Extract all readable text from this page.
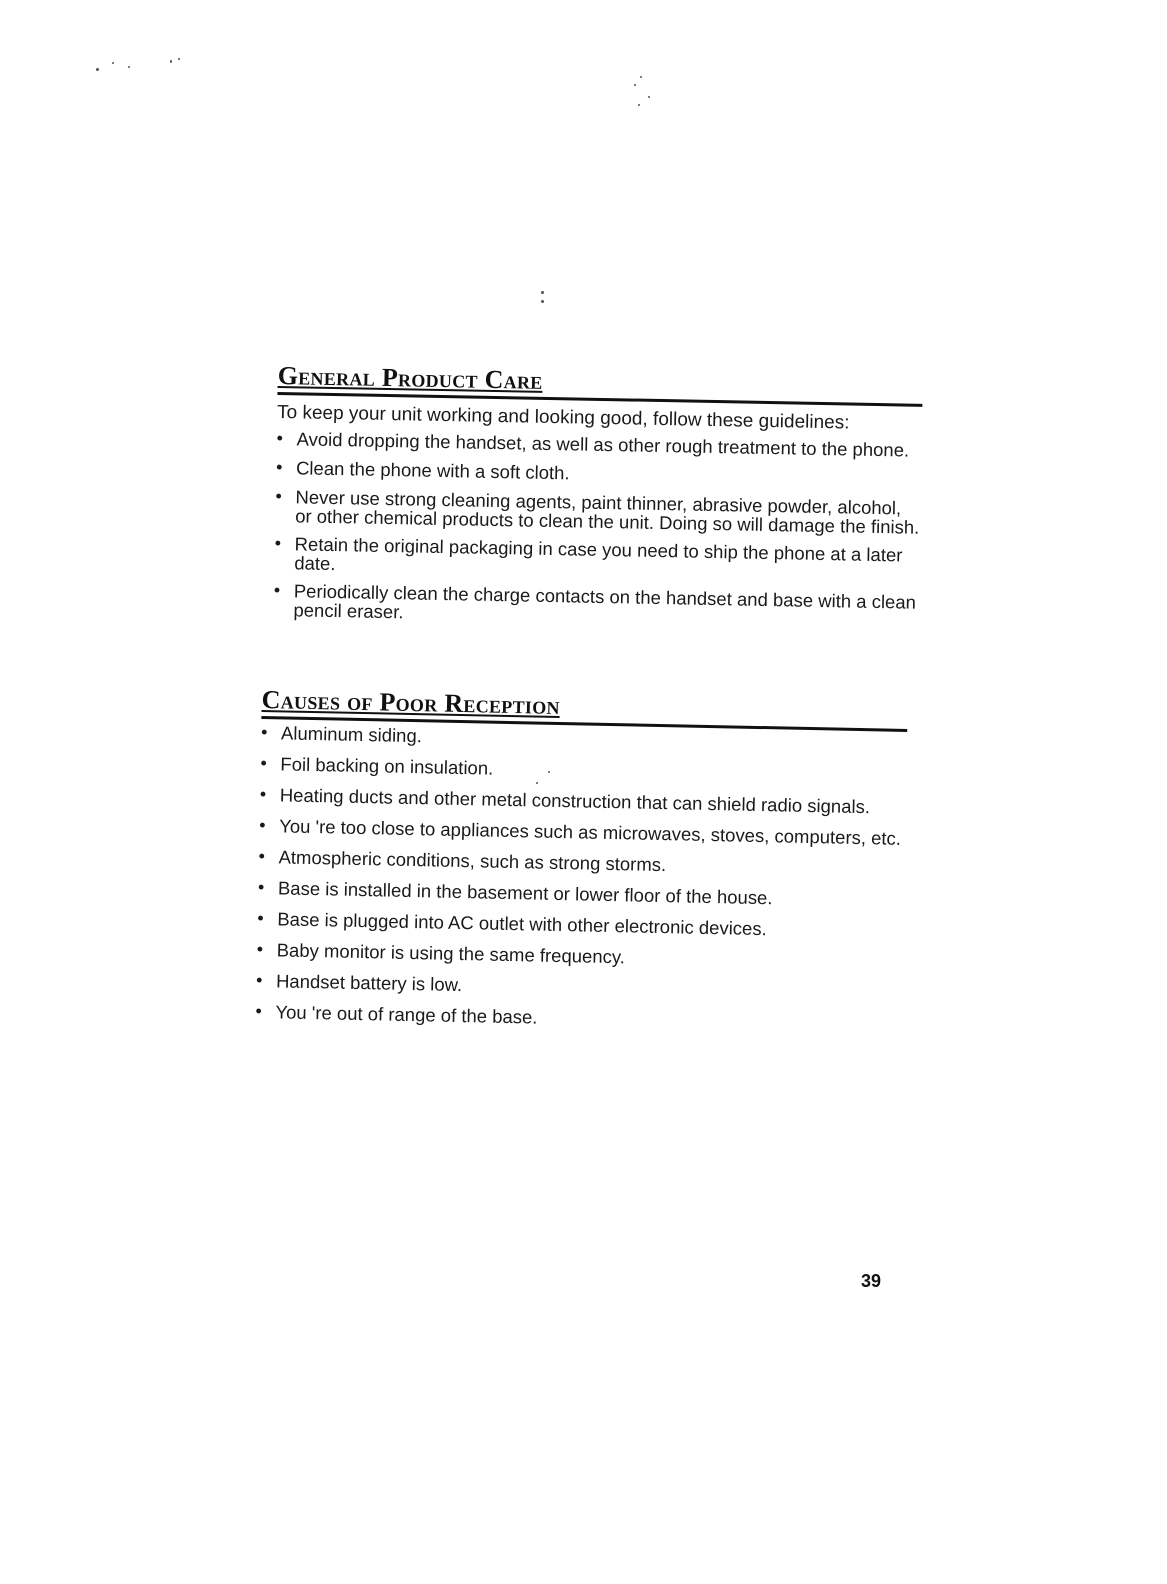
General Product Care

To keep your unit working and looking good, follow these guidelines:

• Avoid dropping the handset, as well as other rough treatment to the phone.
• Clean the phone with a soft cloth.
• Never use strong cleaning agents, paint thinner, abrasive powder, alcohol, or other chemical products to clean the unit. Doing so will damage the finish.
• Retain the original packaging in case you need to ship the phone at a later date.
• Periodically clean the charge contacts on the handset and base with a clean pencil eraser.
Causes of Poor Reception
• Aluminum siding.
• Foil backing on insulation.
• Heating ducts and other metal construction that can shield radio signals.
• You 're too close to appliances such as microwaves, stoves, computers, etc.
• Atmospheric conditions, such as strong storms.
• Base is installed in the basement or lower floor of the house.
• Base is plugged into AC outlet with other electronic devices.
• Baby monitor is using the same frequency.
• Handset battery is low.
• You 're out of range of the base.
39
